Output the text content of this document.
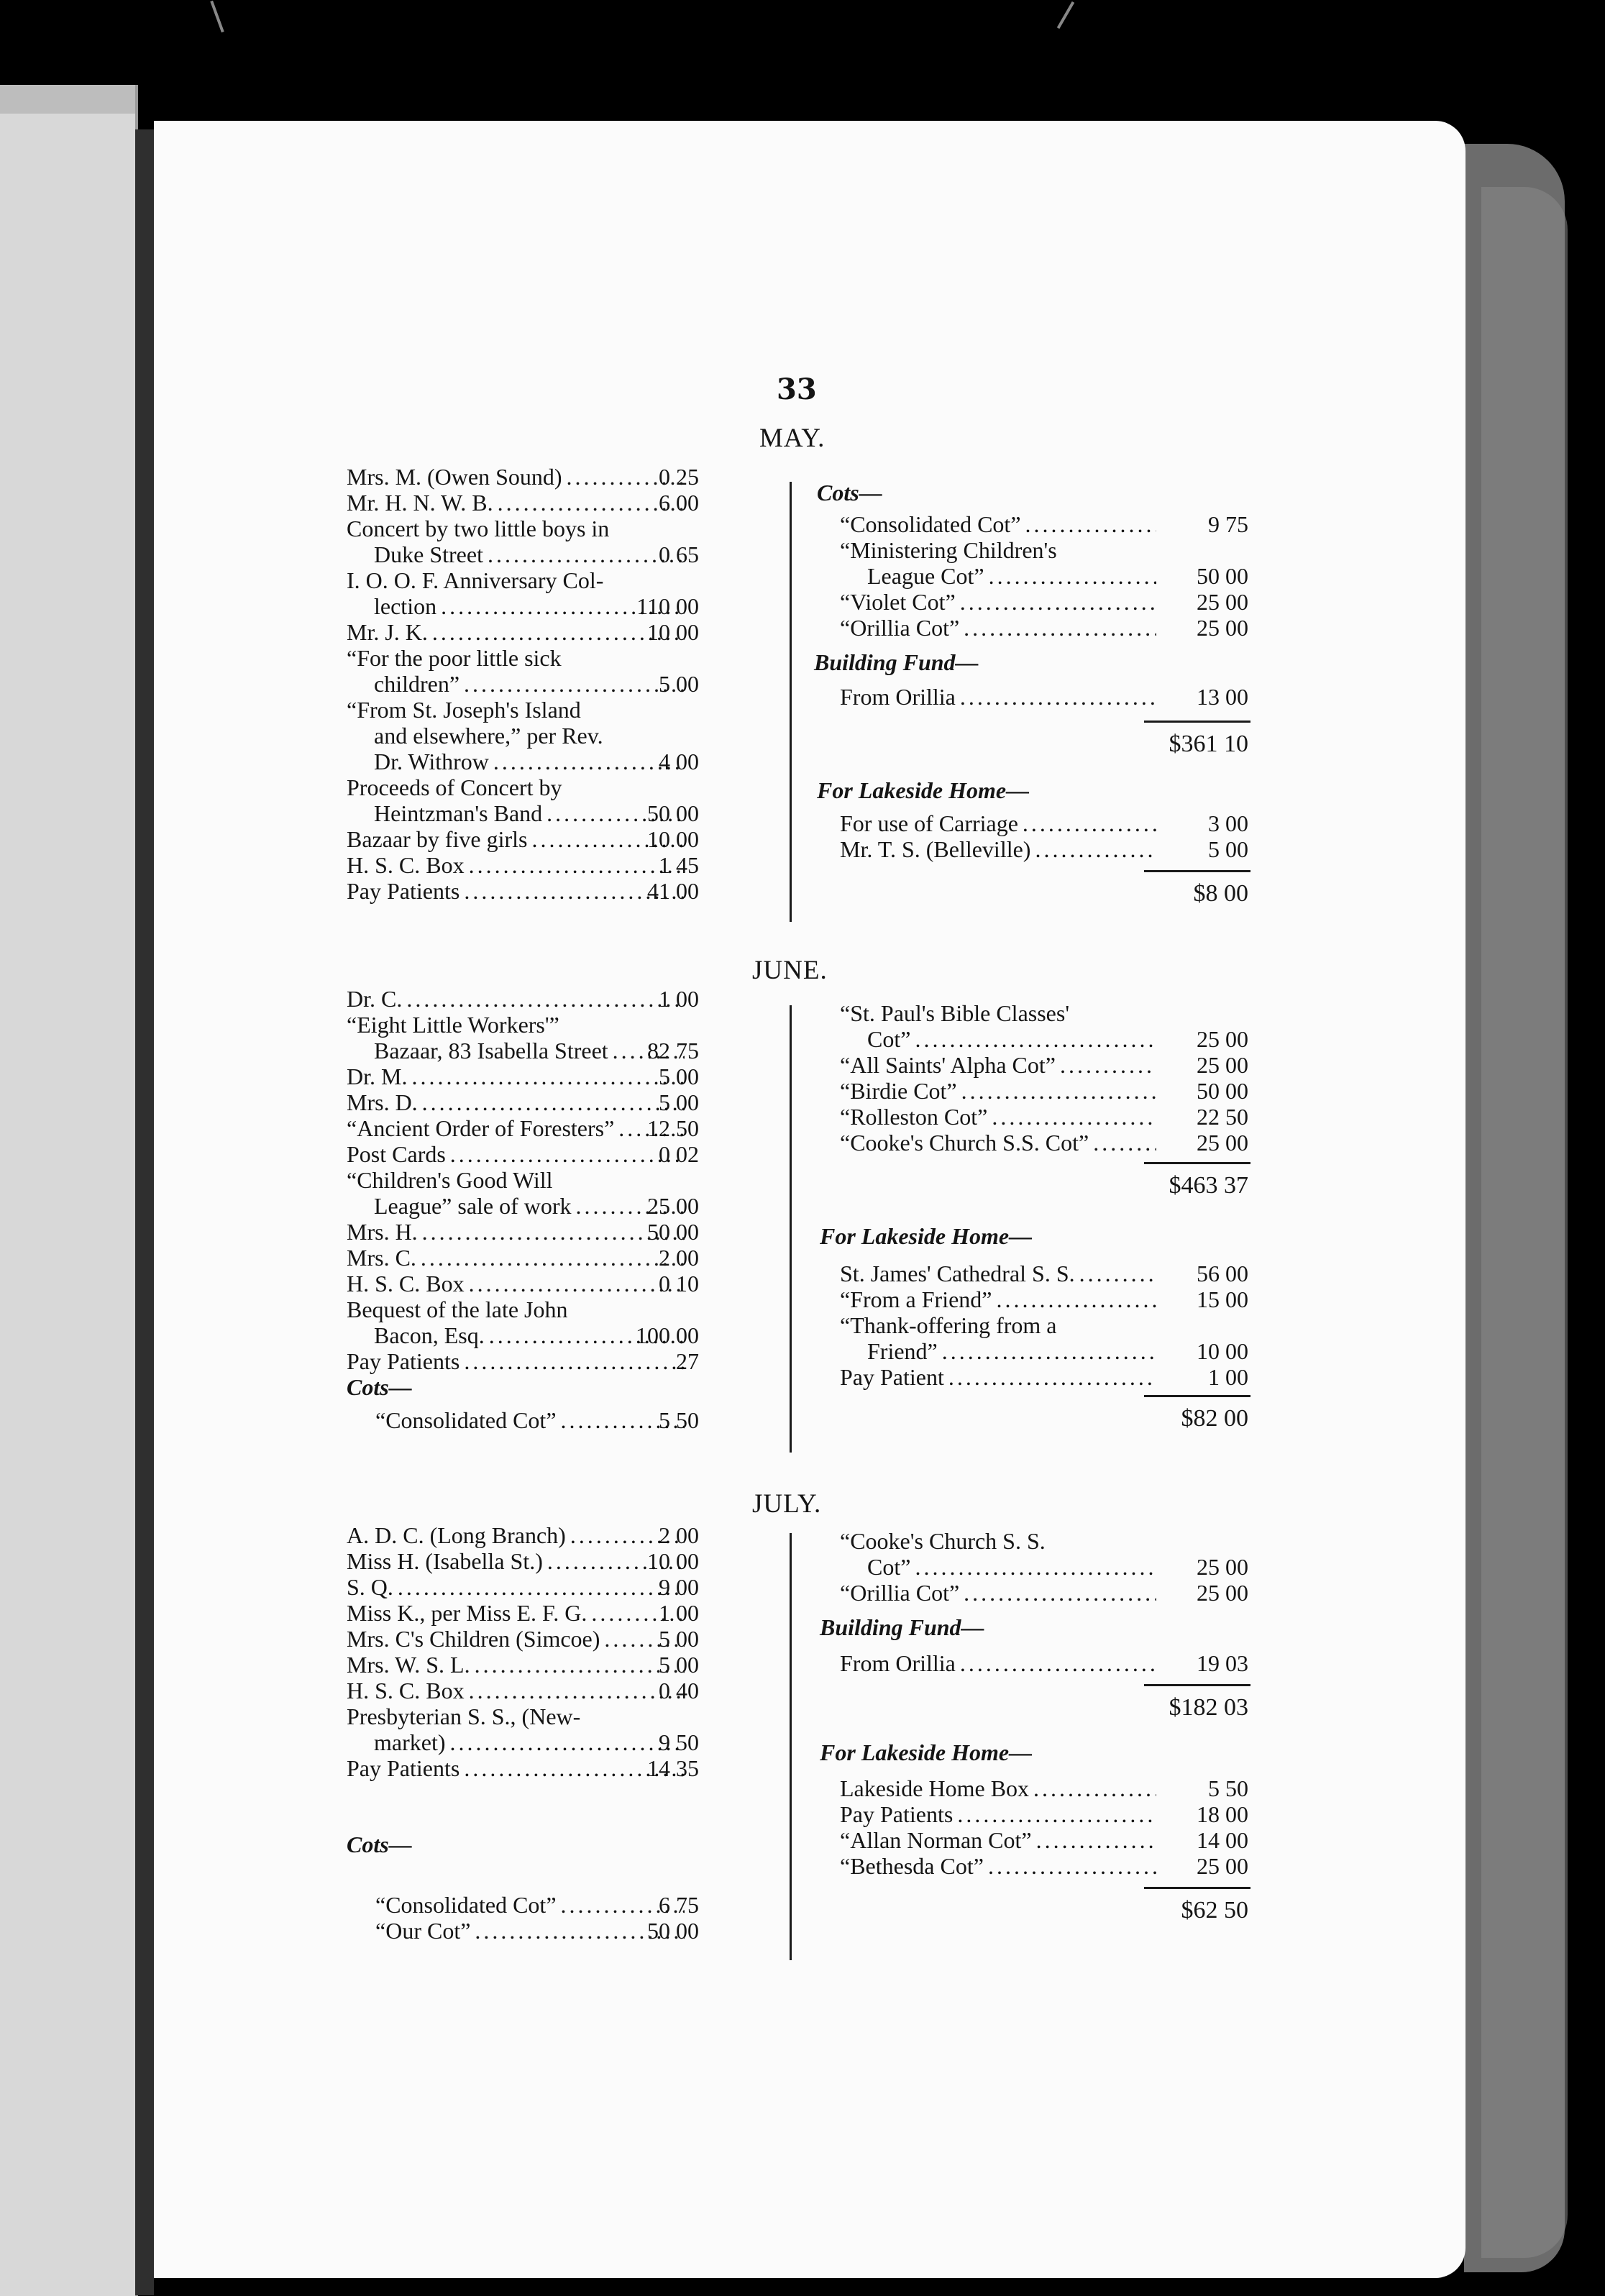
33
MAY.
Mrs. M. (Owen Sound) .....	0 25
Mr. H. N. W. B. .....	6 00
Concert by two little boys in
Duke Street .....	0 65
I. O. O. F. Anniversary Col-
lection .....	110 00
Mr. J. K. .....	10 00
“For the poor little sick
children” .....	5 00
“From St. Joseph's Island
and elsewhere,” per Rev.
Dr. Withrow .....	4 00
Proceeds of Concert by
Heintzman's Band .....	50 00
Bazaar by five girls .....	10 00
H. S. C. Box .....	1 45
Pay Patients .....	41 00
Cots—
“Consolidated Cot” .....	9 75
“Ministering Children's
League Cot” .....	50 00
“Violet Cot” .....	25 00
“Orillia Cot” .....	25 00
Building Fund—
From Orillia .....	13 00
$361 10
For Lakeside Home—
For use of Carriage .....	3 00
Mr. T. S. (Belleville) .....	5 00
$8 00
JUNE.
Dr. C. .....	1 00
“Eight Little Workers'”
Bazaar, 83 Isabella Street .....	82 75
Dr. M. .....	5 00
Mrs. D. .....	5 00
“Ancient Order of Foresters” .....	12 50
Post Cards .....	0 02
“Children's Good Will
League” sale of work .....	25 00
Mrs. H. .....	50 00
Mrs. C. .....	2 00
H. S. C. Box .....	0 10
Bequest of the late John
Bacon, Esq. .....	100 00
Pay Patients .....	27
Cots—
“Consolidated Cot” .....	5 50
“St. Paul's Bible Classes'
Cot” .....	25 00
“All Saints' Alpha Cot” .....	25 00
“Birdie Cot” .....	50 00
“Rolleston Cot” .....	22 50
“Cooke's Church S.S. Cot” .....	25 00
$463 37
For Lakeside Home—
St. James' Cathedral S. S. .....	56 00
“From a Friend” .....	15 00
“Thank-offering from a
Friend” .....	10 00
Pay Patient .....	1 00
$82 00
JULY.
A. D. C. (Long Branch) .....	2 00
Miss H. (Isabella St.) .....	10 00
S. Q. .....	9 00
Miss K., per Miss E. F. G. .....	1 00
Mrs. C's Children (Simcoe) .....	5 00
Mrs. W. S. L. .....	5 00
H. S. C. Box .....	0 40
Presbyterian S. S., (New-
market) .....	9 50
Pay Patients .....	14 35
Cots—
“Consolidated Cot” .....	6 75
“Our Cot” .....	50 00
“Cooke's Church S. S.
Cot” .....	25 00
“Orillia Cot” .....	25 00
Building Fund—
From Orillia .....	19 03
$182 03
For Lakeside Home—
Lakeside Home Box .....	5 50
Pay Patients .....	18 00
“Allan Norman Cot” .....	14 00
“Bethesda Cot” .....	25 00
$62 50
